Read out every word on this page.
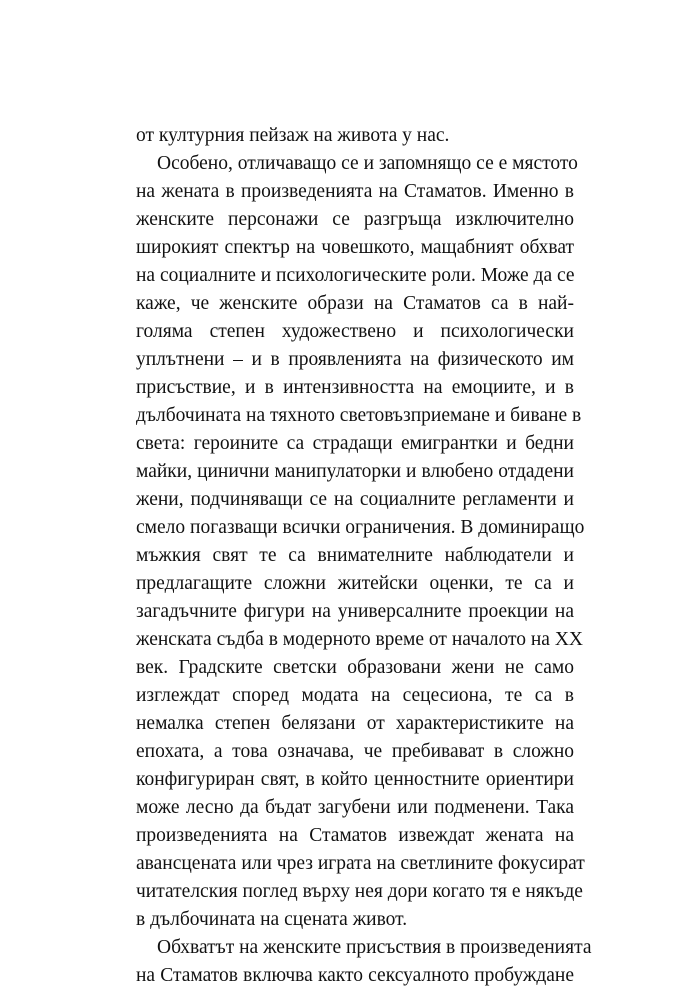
от културния пейзаж на живота у нас.
Особено, отличаващо се и запомнящо се е мястото
на жената в произведенията на Стаматов. Именно в
женските персонажи се разгръща изключително
широкият спектър на човешкото, мащабният обхват
на социалните и психологическите роли. Може да се
каже, че женските образи на Стаматов са в най-
голяма степен художествено и психологически
уплътнени – и в проявленията на физическото им
присъствие, и в интензивността на емоциите, и в
дълбочината на тяхното световъзприемане и биване в
света: героините са страдащи емигрантки и бедни
майки, цинични манипулаторки и влюбено отдадени
жени, подчиняващи се на социалните регламенти и
смело погазващи всички ограничения. В доминиращо
мъжкия свят те са внимателните наблюдатели и
предлагащите сложни житейски оценки, те са и
загадъчните фигури на универсалните проекции на
женската съдба в модерното време от началото на ХХ
век. Градските светски образовани жени не само
изглеждат според модата на сецесиона, те са в
немалка степен белязани от характеристиките на
епохата, а това означава, че пребивават в сложно
конфигуриран свят, в който ценностните ориентири
може лесно да бъдат загубени или подменени. Така
произведенията на Стаматов извеждат жената на
авансцената или чрез играта на светлините фокусират
читателския поглед върху нея дори когато тя е някъде
в дълбочината на сцената живот.
Обхватът на женските присъствия в произведенията
на Стаматов включва както сексуалното пробуждане
